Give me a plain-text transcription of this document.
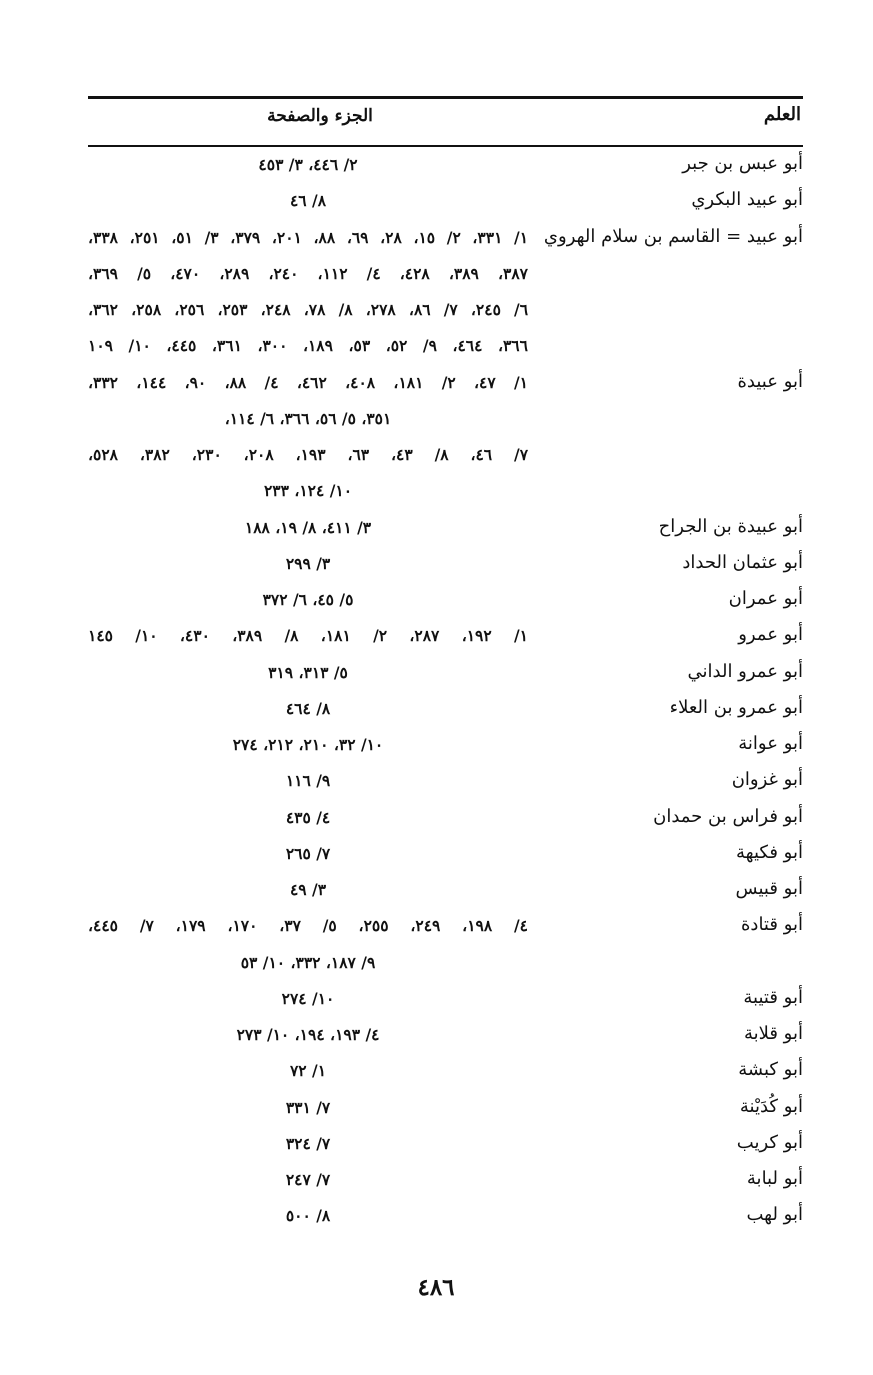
العلم
الجزء والصفحة
أبو عبس بن جبر
٢/ ٤٤٦، ٣/ ٤٥٣
أبو عبيد البكري
٨/ ٤٦
أبو عبيد = القاسم بن سلام الهروي
١/ ٣٣١، ٢/ ١٥، ٢٨، ٦٩، ٨٨، ٢٠١، ٣٧٩، ٣/ ٥١، ٢٥١، ٣٣٨،
٣٨٧، ٣٨٩، ٤٢٨، ٤/ ١١٢، ٢٤٠، ٢٨٩، ٤٧٠، ٥/ ٣٦٩،
٦/ ٢٤٥، ٧/ ٨٦، ٢٧٨، ٨/ ٧٨، ٢٤٨، ٢٥٣، ٢٥٦، ٢٥٨، ٣٦٢،
٣٦٦، ٤٦٤، ٩/ ٥٢، ٥٣، ١٨٩، ٣٠٠، ٣٦١، ٤٤٥، ١٠/ ١٠٩
أبو عبيدة
١/ ٤٧، ٢/ ١٨١، ٤٠٨، ٤٦٢، ٤/ ٨٨، ٩٠، ١٤٤، ٣٣٢،
٣٥١، ٥/ ٥٦، ٣٦٦، ٦/ ١١٤،
٧/ ٤٦، ٨/ ٤٣، ٦٣، ١٩٣، ٢٠٨، ٢٣٠، ٣٨٢، ٥٢٨،
١٠/ ١٢٤، ٢٣٣
أبو عبيدة بن الجراح
٣/ ٤١١، ٨/ ١٩، ١٨٨
أبو عثمان الحداد
٣/ ٢٩٩
أبو عمران
٥/ ٤٥، ٦/ ٣٧٢
أبو عمرو
١/ ١٩٢، ٢٨٧، ٢/ ١٨١، ٨/ ٣٨٩، ٤٣٠، ١٠/ ١٤٥
أبو عمرو الداني
٥/ ٣١٣، ٣١٩
أبو عمرو بن العلاء
٨/ ٤٦٤
أبو عوانة
١٠/ ٣٢، ٢١٠، ٢١٢، ٢٧٤
أبو غزوان
٩/ ١١٦
أبو فراس بن حمدان
٤/ ٤٣٥
أبو فكيهة
٧/ ٢٦٥
أبو قبيس
٣/ ٤٩
أبو قتادة
٤/ ١٩٨، ٢٤٩، ٢٥٥، ٥/ ٣٧، ١٧٠، ١٧٩، ٧/ ٤٤٥،
٩/ ١٨٧، ٣٣٢، ١٠/ ٥٣
أبو قتيبة
١٠/ ٢٧٤
أبو قلابة
٤/ ١٩٣، ١٩٤، ١٠/ ٢٧٣
أبو كبشة
١/ ٧٢
أبو كُدَيْنة
٧/ ٣٣١
أبو كريب
٧/ ٣٢٤
أبو لبابة
٧/ ٢٤٧
أبو لهب
٨/ ٥٠٠
٤٨٦
